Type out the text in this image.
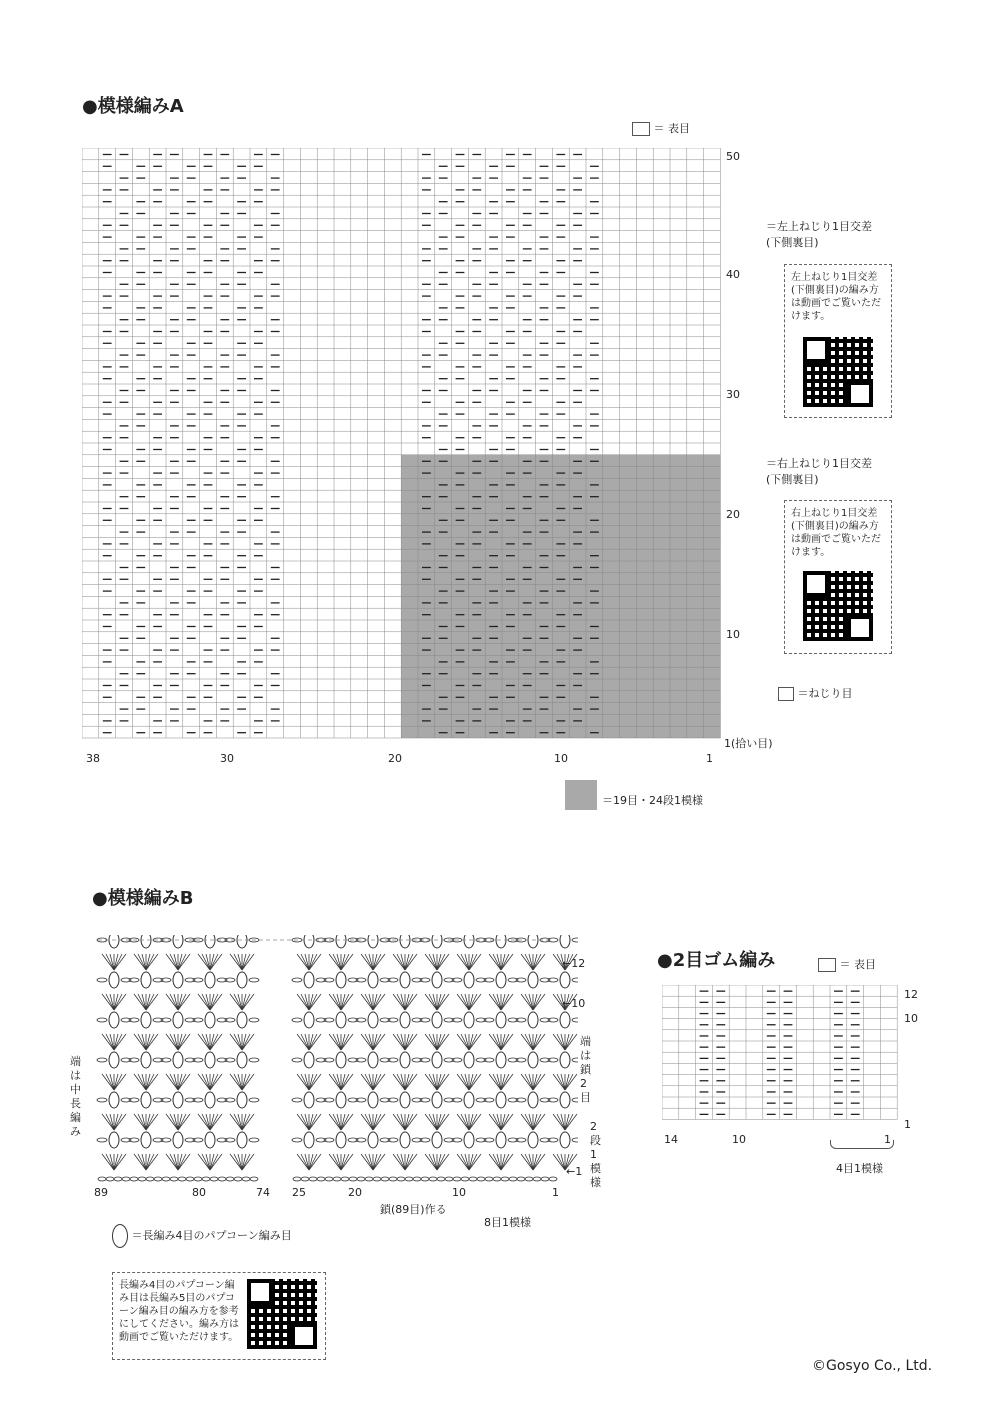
●模様編みA
＝ 表目
50
40
30
20
10
1(拾い目)
38	30	20	10	1
＝左上ねじり1目交差
(下側裏目)
左上ねじり1目交差(下側裏目)の編み方は動画でご覧いただけます。
＝右上ねじり1目交差
(下側裏目)
右上ねじり1目交差(下側裏目)の編み方は動画でご覧いただけます。
＝ねじり目
＝19目・24段1模様
●模様編みB
←12
←10
←1
端は中長編み
端は鎖2目
2段1模様
89	80	74 25	20	10	1
鎖(89目)作る
8目1模様
＝長編み4目のパプコーン編み目
長編み4目のパプコーン編み目は長編み5目のパプコーン編み目の編み方を参考にしてください。編み方は動画でご覧いただけます。
●2目ゴム編み	＝ 表目
12
10
1
14	10	1
4目1模様
©Gosyo Co., Ltd.
